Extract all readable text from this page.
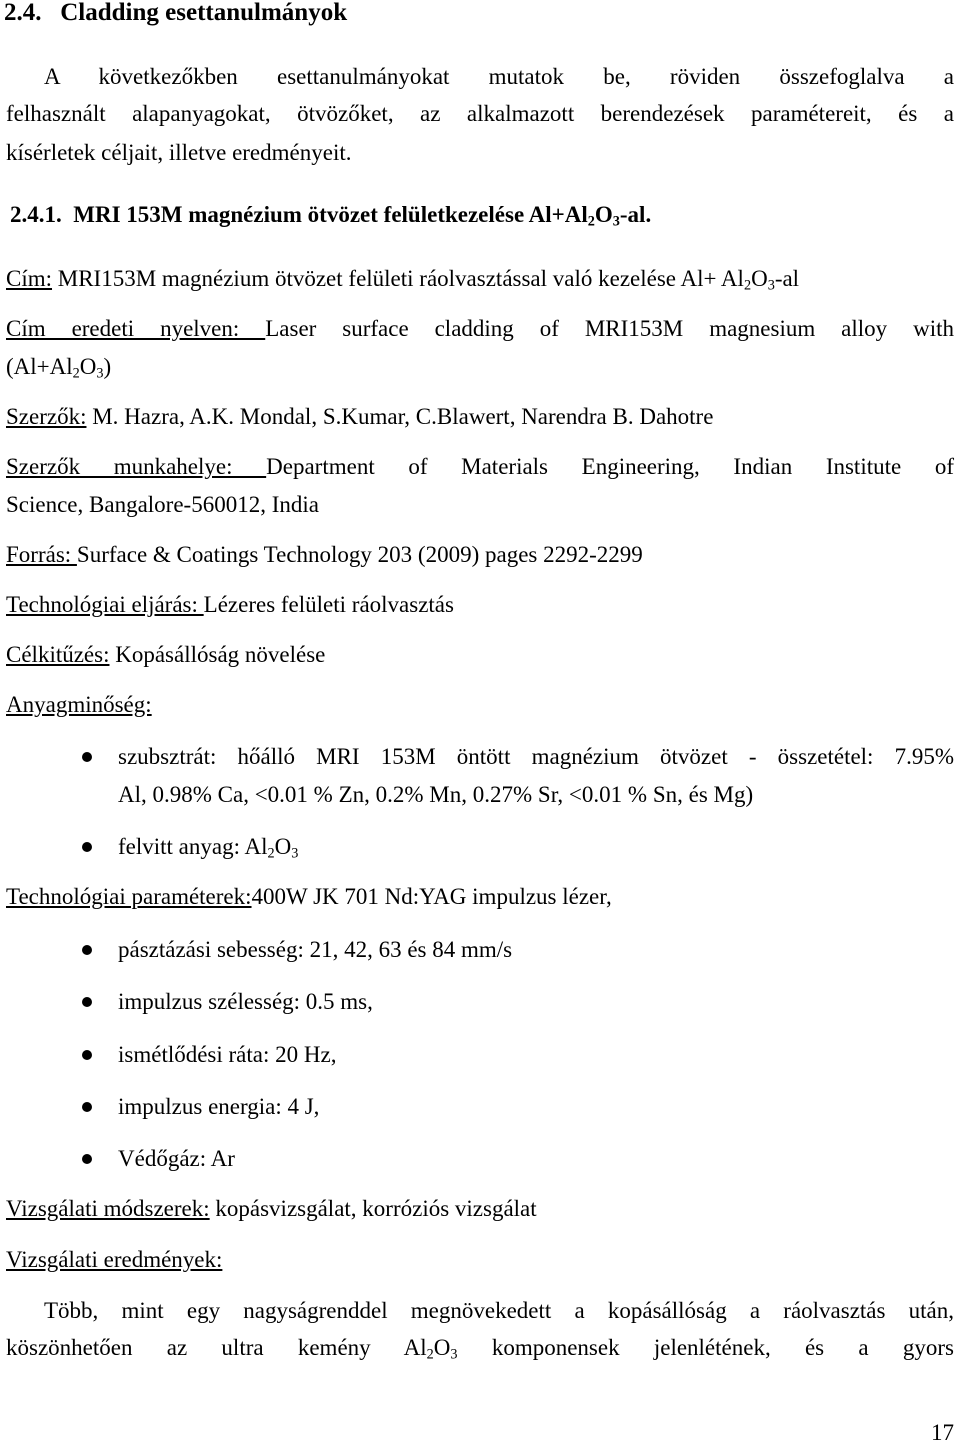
2.4. Cladding esettanulmányok
A következőkben esettanulmányokat mutatok be, röviden összefoglalva a
felhasznált alapanyagokat, ötvözőket, az alkalmazott berendezések paramétereit, és a
kísérletek céljait, illetve eredményeit.
2.4.1. MRI 153M magnézium ötvözet felületkezelése $Al+Al_2O_3-al$.
Cím: MRI153M magnézium ötvözet felületi ráolvasztással való kezelése $Al+ Al_2O_3-al$
Cím eredeti nyelven: Laser surface cladding of MRI153M magnesium alloy with
$(Al+Al_2O_3)$
Szerzők: M. Hazra, A.K. Mondal, S.Kumar, C.Blawert, Narendra B. Dahotre
Szerzők munkahelye: Department of Materials Engineering, Indian Institute of
Science, Bangalore-560012, India
Forrás: Surface & Coatings Technology 203 (2009) pages 2292-2299
Technológiai eljárás: Lézeres felületi ráolvasztás
Célkitűzés: Kopásállóság növelése
Anyagminőség:
szubsztrát: hőálló MRI 153M öntött magnézium ötvözet - összetétel: 7.95%
Al, 0.98% Ca, <0.01 % Zn, 0.2% Mn, 0.27% Sr, <0.01 % Sn, és Mg)
felvitt anyag: $Al_2O_3$
Technológiai paraméterek:400W JK 701 Nd:YAG impulzus lézer,
pásztázási sebesség: 21, 42, 63 és 84 mm/s
impulzus szélesség: 0.5 ms,
ismétlődési ráta: 20 Hz,
impulzus energia: 4 J,
Védőgáz: Ar
Vizsgálati módszerek: kopásvizsgálat, korróziós vizsgálat
Vizsgálati eredmények:
Több, mint egy nagyságrenddel megnövekedett a kopásállóság a ráolvasztás után,
köszönhetően az ultra kemény $Al_2O_3$ komponensek jelenlétének, és a gyors
17
